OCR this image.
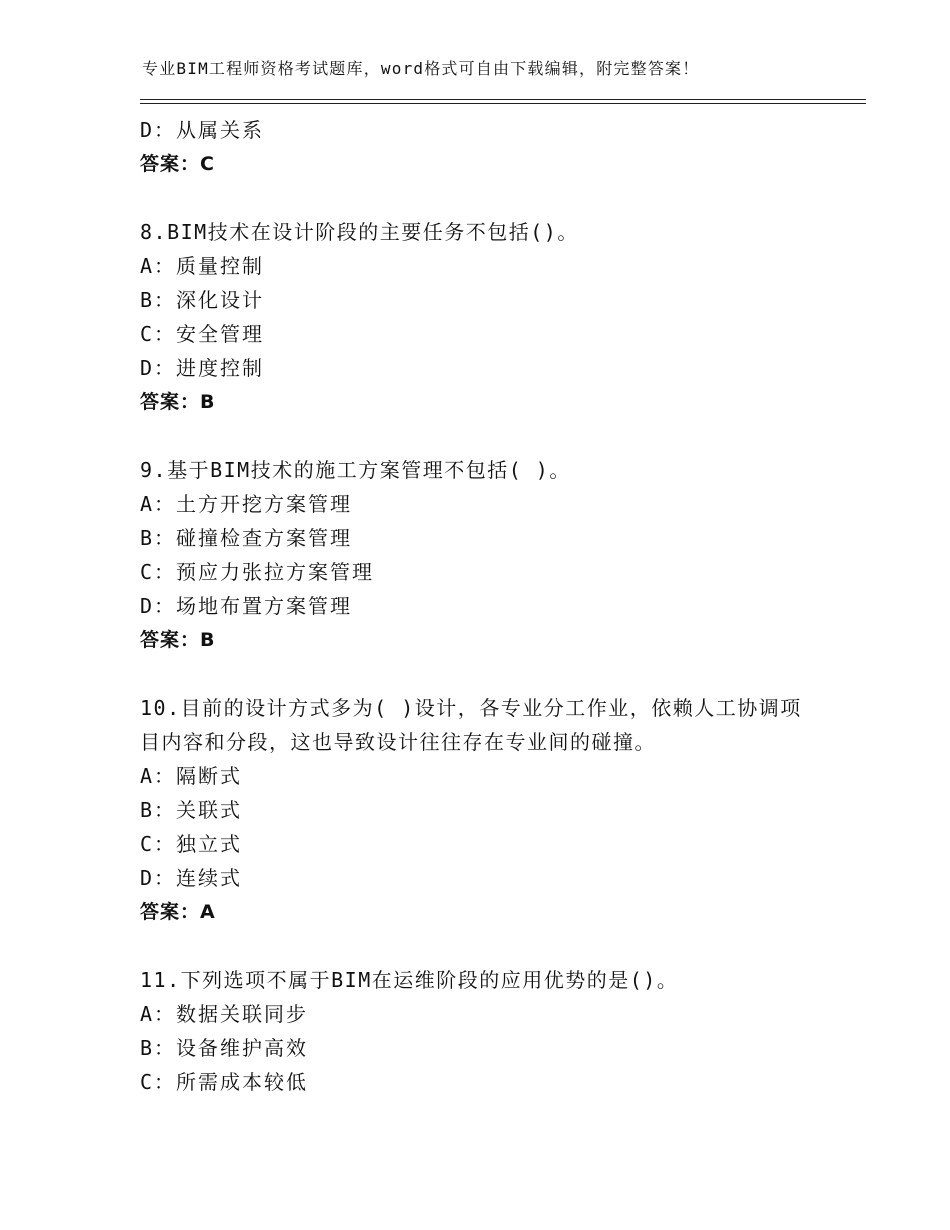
专业BIM工程师资格考试题库，word格式可自由下载编辑，附完整答案！
D：从属关系
答案：C
8.BIM技术在设计阶段的主要任务不包括()。
A：质量控制
B：深化设计
C：安全管理
D：进度控制
答案：B
9.基于BIM技术的施工方案管理不包括( )。
A：土方开挖方案管理
B：碰撞检查方案管理
C：预应力张拉方案管理
D：场地布置方案管理
答案：B
10.目前的设计方式多为( )设计，各专业分工作业，依赖人工协调项
目内容和分段，这也导致设计往往存在专业间的碰撞。
A：隔断式
B：关联式
C：独立式
D：连续式
答案：A
11.下列选项不属于BIM在运维阶段的应用优势的是()。
A：数据关联同步
B：设备维护高效
C：所需成本较低
